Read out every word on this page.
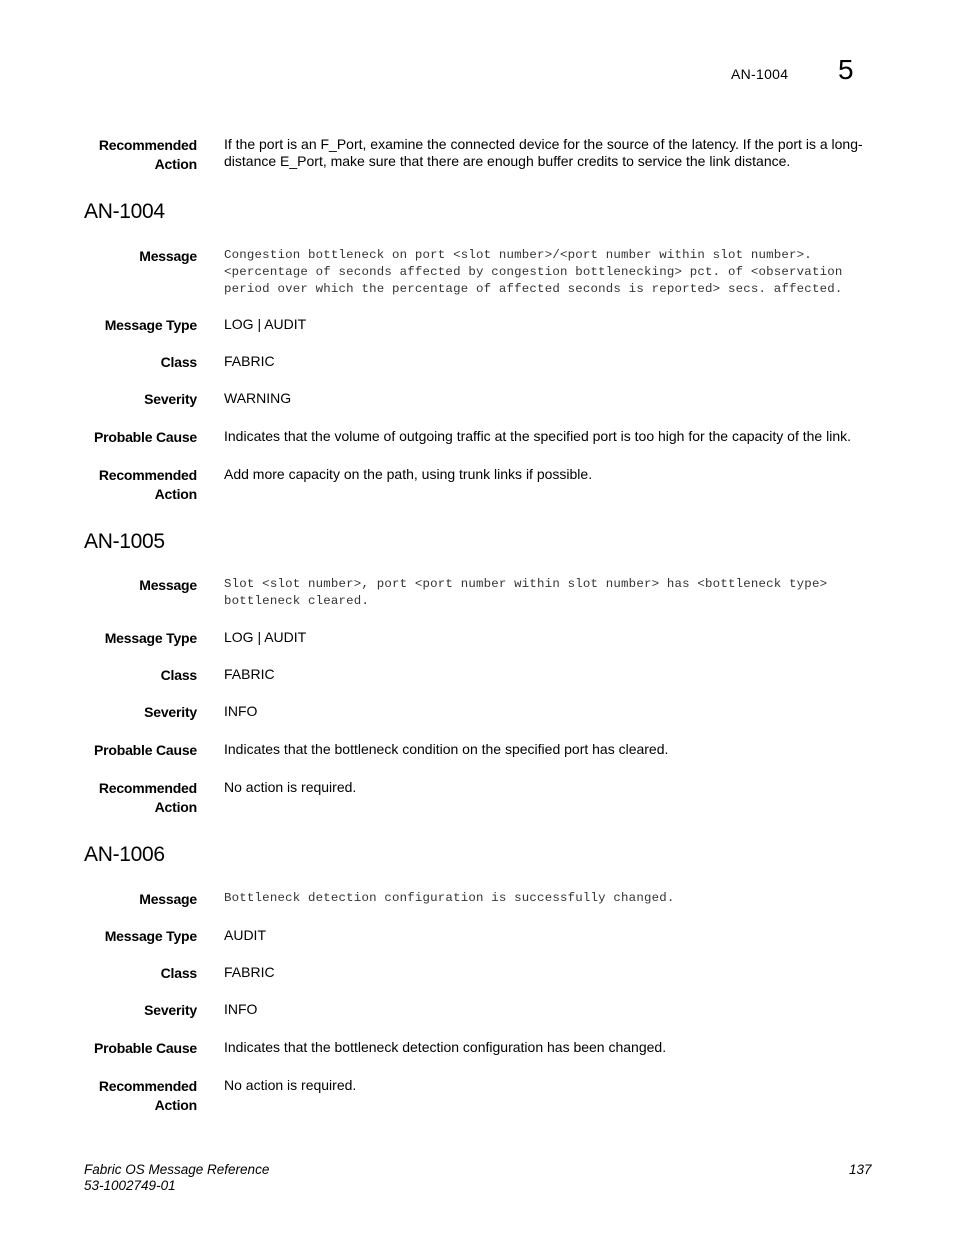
AN-1004 5
Recommended
Action
If the port is an F_Port, examine the connected device for the source of the latency. If the port is a long-distance E_Port, make sure that there are enough buffer credits to service the link distance.
AN-1004
Message Congestion bottleneck on port <slot number>/<port number within slot number>.
<percentage of seconds affected by congestion bottlenecking> pct. of <observation
period over which the percentage of affected seconds is reported> secs. affected.
Message Type LOG | AUDIT
Class FABRIC
Severity WARNING
Probable Cause Indicates that the volume of outgoing traffic at the specified port is too high for the capacity of the link.
Recommended
Action
Add more capacity on the path, using trunk links if possible.
AN-1005
Message Slot <slot number>, port <port number within slot number> has <bottleneck type>
bottleneck cleared.
Message Type LOG | AUDIT
Class FABRIC
Severity INFO
Probable Cause Indicates that the bottleneck condition on the specified port has cleared.
Recommended
Action
No action is required.
AN-1006
Message Bottleneck detection configuration is successfully changed.
Message Type AUDIT
Class FABRIC
Severity INFO
Probable Cause Indicates that the bottleneck detection configuration has been changed.
Recommended
Action
No action is required.
Fabric OS Message Reference
53-1002749-01
137
